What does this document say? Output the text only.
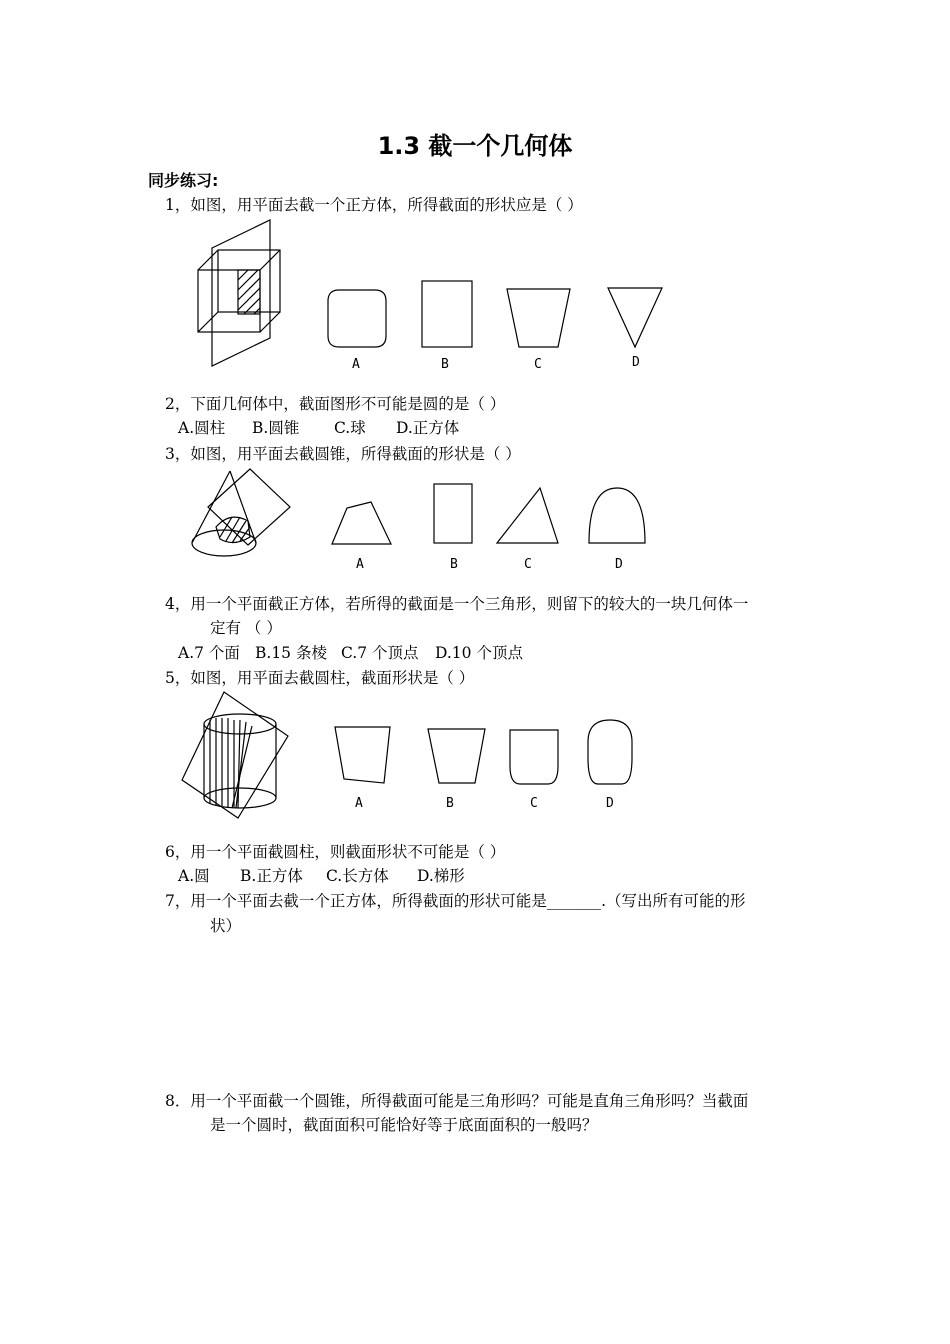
1.3 截一个几何体
同步练习:
1，如图，用平面去截一个正方体，所得截面的形状应是（ ）
A	B	C	D
2，下面几何体中，截面图形不可能是圆的是（ ）
A.圆柱 B.圆锥 C.球 D.正方体
3，如图，用平面去截圆锥，所得截面的形状是（ ）
A	B	C	D
4，用一个平面截正方体，若所得的截面是一个三角形，则留下的较大的一块几何体一
定有 （ ）
A.7 个面 B.15 条棱 C.7 个顶点 D.10 个顶点
5，如图，用平面去截圆柱，截面形状是（ ）
A	B	C	D
6，用一个平面截圆柱，则截面形状不可能是（ ）
A.圆 B.正方体 C.长方体 D.梯形
7，用一个平面去截一个正方体，所得截面的形状可能是_______.（写出所有可能的形
状）
8．用一个平面截一个圆锥，所得截面可能是三角形吗？可能是直角三角形吗？当截面
是一个圆时，截面面积可能恰好等于底面面积的一般吗？
